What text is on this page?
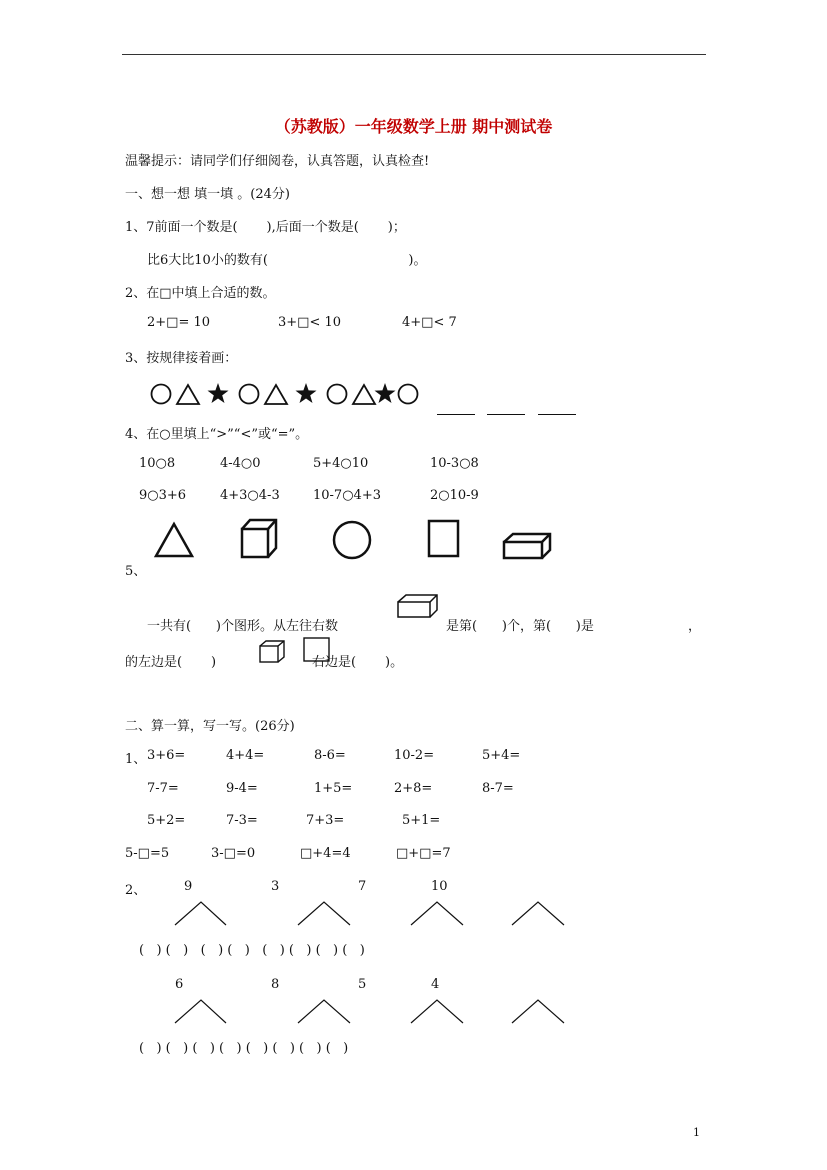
（苏教版）一年级数学上册 期中测试卷
温馨提示：请同学们仔细阅卷，认真答题，认真检查!
一、想一想 填一填 。(24分)
1、7前面一个数是(       ),后面一个数是(       )；
比6大比10小的数有(                                  )。
2、在□中填上合适的数。
2+□= 10	3+□< 10	4+□< 7
3、按规律接着画：
4、在○里填上“>”“<”或“=”。
10○8	4-4○0	5+4○10	10-3○8
9○3+6	4+3○4-3	10-7○4+3	2○10-9
5、
一共有(      )个图形。从左往右数	是第(      )个，第(      )是	，
的左边是(       )	右边是(       )。
二、算一算，写一写。(26分)
1、 3+6=	4+4=	8-6=	10-2=	5+4=
7-7=	9-4=	1+5=	2+8=	8-7=
5+2=	7-3=	7+3=	5+1=
5-□=5	3-□=0	□+4=4	□+□=7
2、	9	3	7	10
(   ) (   )   (   ) (   )   (   ) (   ) (   ) (   )
6	8	5	4
(   ) (   ) (   ) (   ) (   ) (   ) (   ) (   )
1
